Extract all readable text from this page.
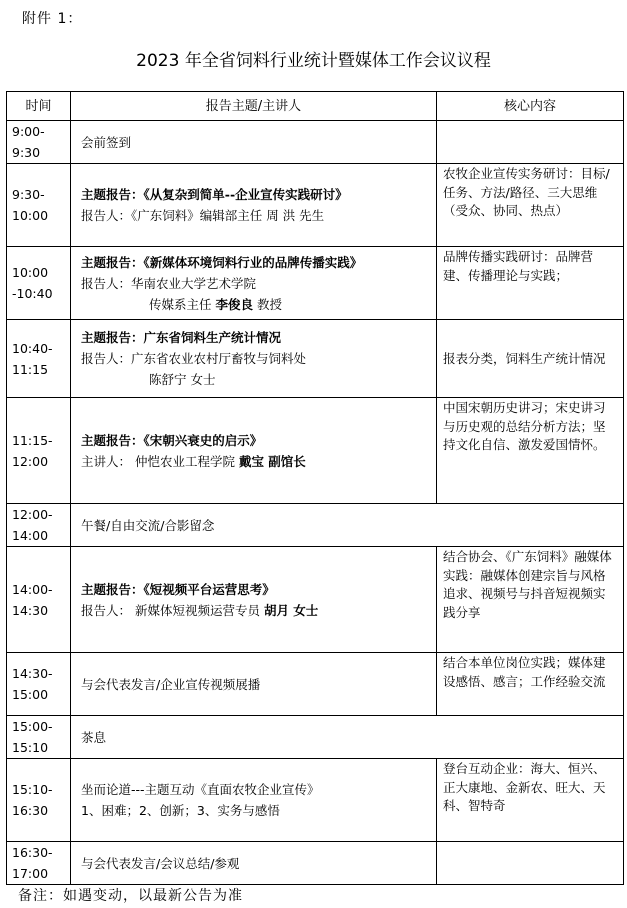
附件 1：
2023 年全省饲料行业统计暨媒体工作会议议程
时间	报告主题/主讲人	核心内容

9:00-
9:30	会前签到	

9:30-
10:00	主题报告：《从复杂到简单--企业宣传实践研讨》
报告人：《广东饲料》编辑部主任 周 洪 先生	农牧企业宣传实务研讨：目标/任务、方法/路径、三大思维（受众、协同、热点）

10:00
-10:40	主题报告：《新媒体环境饲料行业的品牌传播实践》
报告人：华南农业大学艺术学院
传媒系主任 李俊良 教授	品牌传播实践研讨：品牌营建、传播理论与实践；

10:40-
11:15	主题报告：广东省饲料生产统计情况
报告人：广东省农业农村厅畜牧与饲料处
陈舒宁 女士	报表分类，饲料生产统计情况

11:15-
12:00	主题报告：《宋朝兴衰史的启示》
主讲人： 仲恺农业工程学院 戴宝 副馆长	中国宋朝历史讲习；宋史讲习与历史观的总结分析方法；坚持文化自信、激发爱国情怀。

12:00-
14:00	午餐/自由交流/合影留念	

14:00-
14:30	主题报告：《短视频平台运营思考》
报告人： 新媒体短视频运营专员 胡月 女士	结合协会、《广东饲料》融媒体实践：融媒体创建宗旨与风格追求、视频号与抖音短视频实践分享

14:30-
15:00	与会代表发言/企业宣传视频展播	结合本单位岗位实践；媒体建设感悟、感言；工作经验交流

15:00-
15:10	茶息	

15:10-
16:30	坐而论道---主题互动《直面农牧企业宣传》
1、困难；2、创新；3、实务与感悟	登台互动企业：海大、恒兴、正大康地、金新农、旺大、天科、智特奇

16:30-
17:00	与会代表发言/会议总结/参观	

备注：如遇变动，以最新公告为准
